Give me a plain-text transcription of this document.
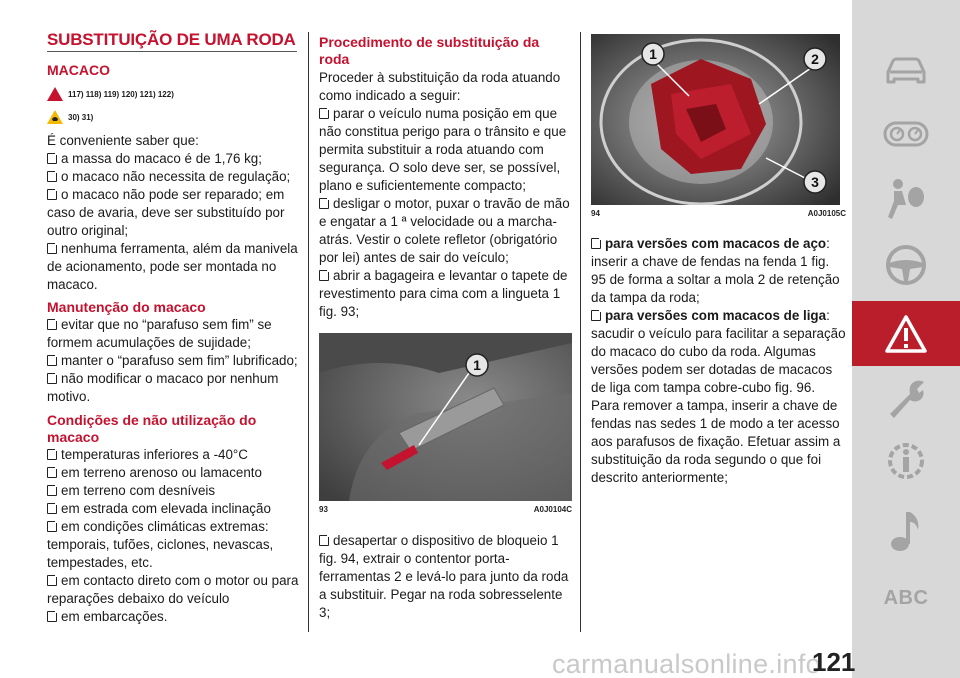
SUBSTITUIÇÃO DE UMA RODA
MACACO
117) 118) 119) 120) 121) 122)
30) 31)
É conveniente saber que:
a massa do macaco é de 1,76 kg;
o macaco não necessita de regulação;
o macaco não pode ser reparado; em caso de avaria, deve ser substituído por outro original;
nenhuma ferramenta, além da manivela de acionamento, pode ser montada no macaco.
Manutenção do macaco
evitar que no “parafuso sem fim” se formem acumulações de sujidade;
manter o “parafuso sem fim” lubrificado;
não modificar o macaco por nenhum motivo.
Condições de não utilização do macaco
temperaturas inferiores a -40°C
em terreno arenoso ou lamacento
em terreno com desníveis
em estrada com elevada inclinação
em condições climáticas extremas: temporais, tufões, ciclones, nevascas, tempestades, etc.
em contacto direto com o motor ou para reparações debaixo do veículo
em embarcações.
Procedimento de substituição da roda
Proceder à substituição da roda atuando como indicado a seguir:
parar o veículo numa posição em que não constitua perigo para o trânsito e que permita substituir a roda atuando com segurança. O solo deve ser, se possível, plano e suficientemente compacto;
desligar o motor, puxar o travão de mão e engatar a 1 ª velocidade ou a marcha-atrás. Vestir o colete refletor (obrigatório por lei) antes de sair do veículo;
abrir a bagageira e levantar o tapete de revestimento para cima com a lingueta 1 fig. 93;
1
93	A0J0104C
desapertar o dispositivo de bloqueio 1 fig. 94, extrair o contentor porta-ferramentas 2 e levá-lo para junto da roda a substituir. Pegar na roda sobresselente 3;
1	2
3
94	A0J0105C
para versões com macacos de aço: inserir a chave de fendas na fenda 1 fig. 95 de forma a soltar a mola 2 de retenção da tampa da roda;
para versões com macacos de liga: sacudir o veículo para facilitar a separação do macaco do cubo da roda. Algumas versões podem ser dotadas de macacos de liga com tampa cobre-cubo fig. 96. Para remover a tampa, inserir a chave de fendas nas sedes 1 de modo a ter acesso aos parafusos de fixação. Efetuar assim a substituição da roda segundo o que foi descrito anteriormente;
ABC
carmanualsonline.info
121
